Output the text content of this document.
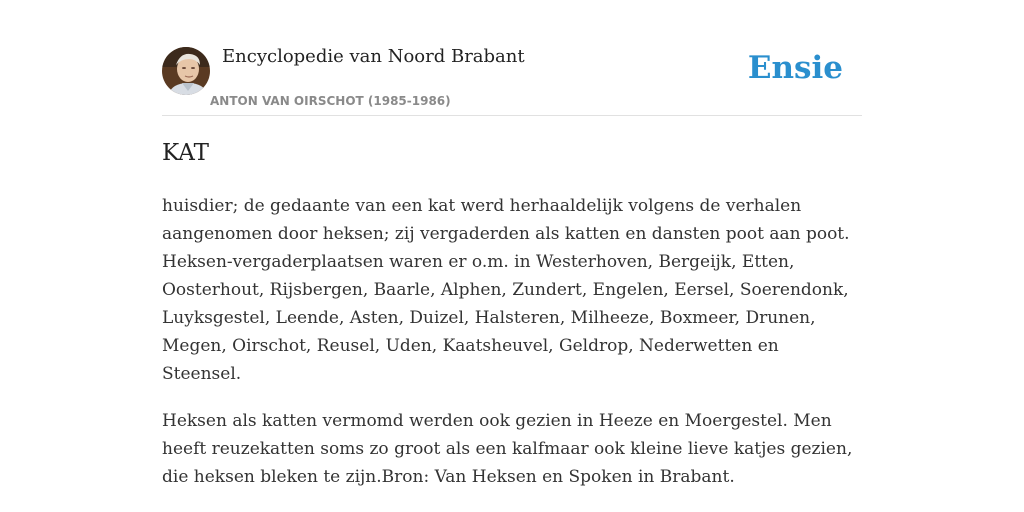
Encyclopedie van Noord Brabant
ANTON VAN OIRSCHOT (1985-1986)
Ensie
KAT

huisdier; de gedaante van een kat werd herhaaldelijk volgens de verhalen aangenomen door heksen; zij vergaderden als katten en dansten poot aan poot. Heksen-vergaderplaatsen waren er o.m. in Westerhoven, Bergeijk, Etten, Oosterhout, Rijsbergen, Baarle, Alphen, Zundert, Engelen, Eersel, Soerendonk, Luyksgestel, Leende, Asten, Duizel, Halsteren, Milheeze, Boxmeer, Drunen, Megen, Oirschot, Reusel, Uden, Kaatsheuvel, Geldrop, Nederwetten en Steensel.

Heksen als katten vermomd werden ook gezien in Heeze en Moergestel. Men heeft reuzekatten soms zo groot als een kalfmaar ook kleine lieve katjes gezien, die heksen bleken te zijn.Bron: Van Heksen en Spoken in Brabant.
